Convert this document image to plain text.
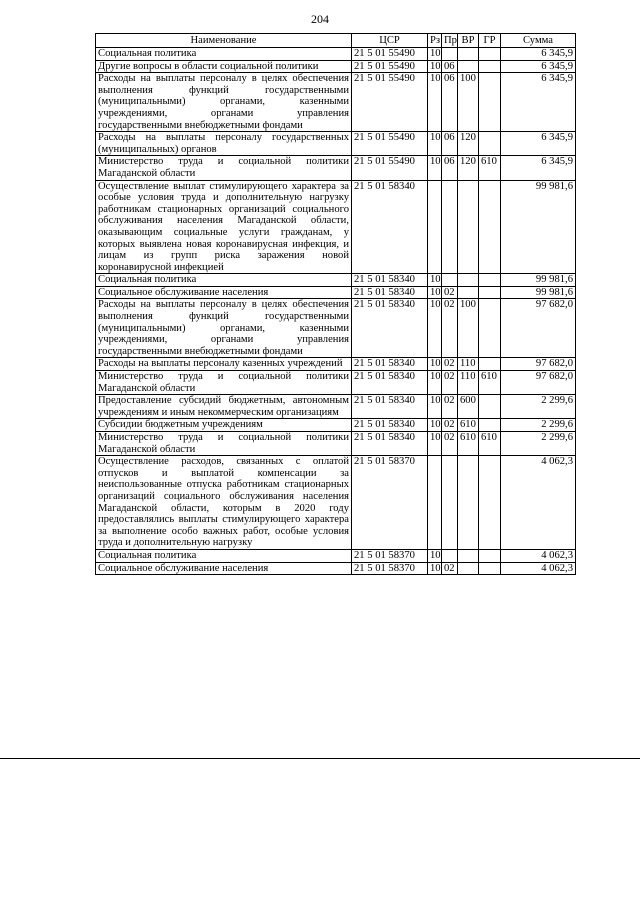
204
Наименование	ЦСР	Рз	Пр	ВР	ГР	Сумма
Социальная политика	21 5 01 55490	10				6 345,9
Другие вопросы в области социальной политики	21 5 01 55490	10	06			6 345,9
Расходы на выплаты персоналу в целях обеспечения выполнения функций государственными (муниципальными) органами, казенными учреждениями, органами управления государственными внебюджетными фондами	21 5 01 55490	10	06	100		6 345,9
Расходы на выплаты персоналу государственных (муниципальных) органов	21 5 01 55490	10	06	120		6 345,9
Министерство труда и социальной политики Магаданской области	21 5 01 55490	10	06	120	610	6 345,9
Осуществление выплат стимулирующего характера за особые условия труда и дополнительную нагрузку работникам стационарных организаций социального обслуживания населения Магаданской области, оказывающим социальные услуги гражданам, у которых выявлена новая коронавирусная инфекция, и лицам из групп риска заражения новой коронавирусной инфекцией	21 5 01 58340					99 981,6
Социальная политика	21 5 01 58340	10				99 981,6
Социальное обслуживание населения	21 5 01 58340	10	02			99 981,6
Расходы на выплаты персоналу в целях обеспечения выполнения функций государственными (муниципальными) органами, казенными учреждениями, органами управления государственными внебюджетными фондами	21 5 01 58340	10	02	100		97 682,0
Расходы на выплаты персоналу казенных учреждений	21 5 01 58340	10	02	110		97 682,0
Министерство труда и социальной политики Магаданской области	21 5 01 58340	10	02	110	610	97 682,0
Предоставление субсидий бюджетным, автономным учреждениям и иным некоммерческим организациям	21 5 01 58340	10	02	600		2 299,6
Субсидии бюджетным учреждениям	21 5 01 58340	10	02	610		2 299,6
Министерство труда и социальной политики Магаданской области	21 5 01 58340	10	02	610	610	2 299,6
Осуществление расходов, связанных с оплатой отпусков и выплатой компенсации за неиспользованные отпуска работникам стационарных организаций социального обслуживания населения Магаданской области, которым в 2020 году предоставлялись выплаты стимулирующего характера за выполнение особо важных работ, особые условия труда и дополнительную нагрузку	21 5 01 58370					4 062,3
Социальная политика	21 5 01 58370	10				4 062,3
Социальное обслуживание населения	21 5 01 58370	10	02			4 062,3
